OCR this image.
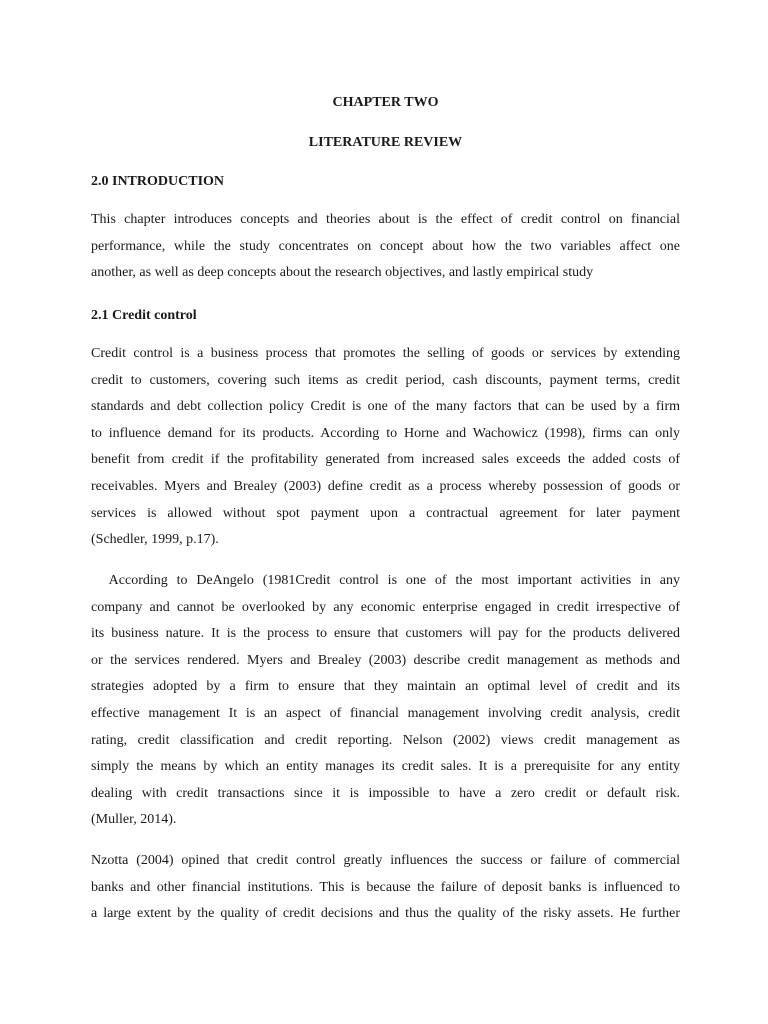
CHAPTER TWO
LITERATURE REVIEW
2.0 INTRODUCTION
This chapter introduces concepts and theories about is the effect of credit control on financial
performance, while the study concentrates on concept about how the two variables affect one
another, as well as deep concepts about the research objectives, and lastly empirical study
2.1 Credit control
Credit control is a business process that promotes the selling of goods or services by extending
credit to customers, covering such items as credit period, cash discounts, payment terms, credit
standards and debt collection policy Credit is one of the many factors that can be used by a firm
to influence demand for its products. According to Horne and Wachowicz (1998), firms can only
benefit from credit if the profitability generated from increased sales exceeds the added costs of
receivables. Myers and Brealey (2003) define credit as a process whereby possession of goods or
services is allowed without spot payment upon a contractual agreement for later payment
(Schedler, 1999, p.17).
According to DeAngelo (1981Credit control is one of the most important activities in any
company and cannot be overlooked by any economic enterprise engaged in credit irrespective of
its business nature. It is the process to ensure that customers will pay for the products delivered
or the services rendered. Myers and Brealey (2003) describe credit management as methods and
strategies adopted by a firm to ensure that they maintain an optimal level of credit and its
effective management It is an aspect of financial management involving credit analysis, credit
rating, credit classification and credit reporting. Nelson (2002) views credit management as
simply the means by which an entity manages its credit sales. It is a prerequisite for any entity
dealing with credit transactions since it is impossible to have a zero credit or default risk.
(Muller, 2014).
Nzotta (2004) opined that credit control greatly influences the success or failure of commercial
banks and other financial institutions. This is because the failure of deposit banks is influenced to
a large extent by the quality of credit decisions and thus the quality of the risky assets. He further
